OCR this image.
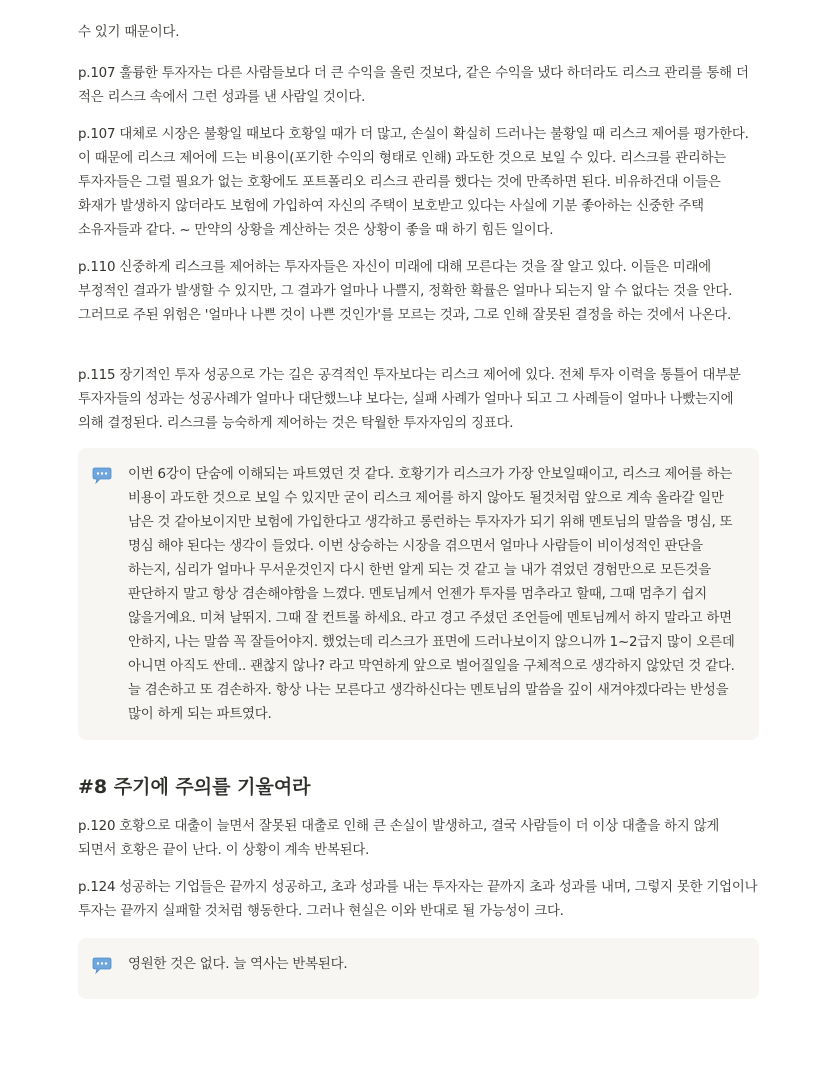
수 있기 때문이다.

p.107 훌륭한 투자자는 다른 사람들보다 더 큰 수익을 올린 것보다, 같은 수익을 냈다 하더라도 리스크 관리를 통해 더 적은 리스크 속에서 그런 성과를 낸 사람일 것이다.

p.107 대체로 시장은 불황일 때보다 호황일 때가 더 많고, 손실이 확실히 드러나는 불황일 때 리스크 제어를 평가한다. 이 때문에 리스크 제어에 드는 비용이(포기한 수익의 형태로 인해) 과도한 것으로 보일 수 있다. 리스크를 관리하는 투자자들은 그럴 필요가 없는 호황에도 포트폴리오 리스크 관리를 했다는 것에 만족하면 된다. 비유하건대 이들은 화재가 발생하지 않더라도 보험에 가입하여 자신의 주택이 보호받고 있다는 사실에 기분 좋아하는 신중한 주택 소유자들과 같다. ~ 만약의 상황을 계산하는 것은 상황이 좋을 때 하기 힘든 일이다.

p.110 신중하게 리스크를 제어하는 투자자들은 자신이 미래에 대해 모른다는 것을 잘 알고 있다. 이들은 미래에 부정적인 결과가 발생할 수 있지만, 그 결과가 얼마나 나쁠지, 정확한 확률은 얼마나 되는지 알 수 없다는 것을 안다. 그러므로 주된 위험은 '얼마나 나쁜 것이 나쁜 것인가'를 모르는 것과, 그로 인해 잘못된 결정을 하는 것에서 나온다.

p.115 장기적인 투자 성공으로 가는 길은 공격적인 투자보다는 리스크 제어에 있다. 전체 투자 이력을 통틀어 대부분 투자자들의 성과는 성공사례가 얼마나 대단했느냐 보다는, 실패 사례가 얼마나 되고 그 사례들이 얼마나 나빴는지에 의해 결정된다. 리스크를 능숙하게 제어하는 것은 탁월한 투자자임의 징표다.

이번 6강이 단숨에 이해되는 파트였던 것 같다. 호황기가 리스크가 가장 안보일때이고, 리스크 제어를 하는 비용이 과도한 것으로 보일 수 있지만 굳이 리스크 제어를 하지 않아도 될것처럼 앞으로 계속 올라갈 일만 남은 것 같아보이지만 보험에 가입한다고 생각하고 롱런하는 투자자가 되기 위해 멘토님의 말씀을 명심, 또 명심 해야 된다는 생각이 들었다. 이번 상승하는 시장을 겪으면서 얼마나 사람들이 비이성적인 판단을 하는지, 심리가 얼마나 무서운것인지 다시 한번 알게 되는 것 같고 늘 내가 겪었던 경험만으로 모든것을 판단하지 말고 항상 겸손해야함을 느꼈다. 멘토님께서 언젠가 투자를 멈추라고 할때, 그때 멈추기 쉽지 않을거예요. 미쳐 날뛰지. 그때 잘 컨트롤 하세요. 라고 경고 주셨던 조언들에 멘토님께서 하지 말라고 하면 안하지, 나는 말씀 꼭 잘들어야지. 했었는데 리스크가 표면에 드러나보이지 않으니까 1~2급지 많이 오른데 아니면 아직도 싼데.. 괜찮지 않나? 라고 막연하게 앞으로 벌어질일을 구체적으로 생각하지 않았던 것 같다. 늘 겸손하고 또 겸손하자. 항상 나는 모른다고 생각하신다는 멘토님의 말씀을 깊이 새겨야겠다라는 반성을 많이 하게 되는 파트였다.
#8 주기에 주의를 기울여라

p.120 호황으로 대출이 늘면서 잘못된 대출로 인해 큰 손실이 발생하고, 결국 사람들이 더 이상 대출을 하지 않게 되면서 호황은 끝이 난다. 이 상황이 계속 반복된다.

p.124 성공하는 기업들은 끝까지 성공하고, 초과 성과를 내는 투자자는 끝까지 초과 성과를 내며, 그렇지 못한 기업이나 투자는 끝까지 실패할 것처럼 행동한다. 그러나 현실은 이와 반대로 될 가능성이 크다.

영원한 것은 없다. 늘 역사는 반복된다.
